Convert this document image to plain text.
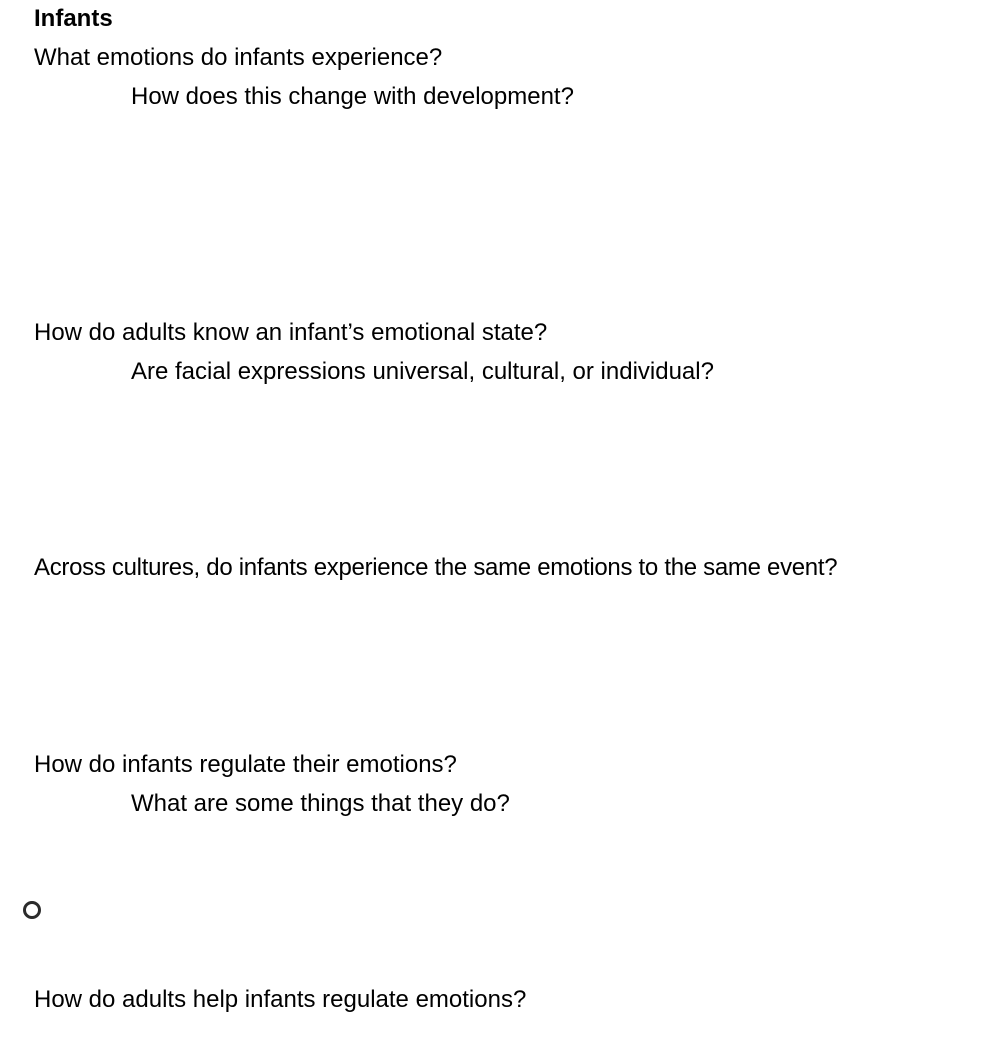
Infants

What emotions do infants experience?

How does this change with development?

How do adults know an infant’s emotional state?

Are facial expressions universal, cultural, or individual?

Across cultures, do infants experience the same emotions to the same event?

How do infants regulate their emotions?

What are some things that they do?

How do adults help infants regulate emotions?
